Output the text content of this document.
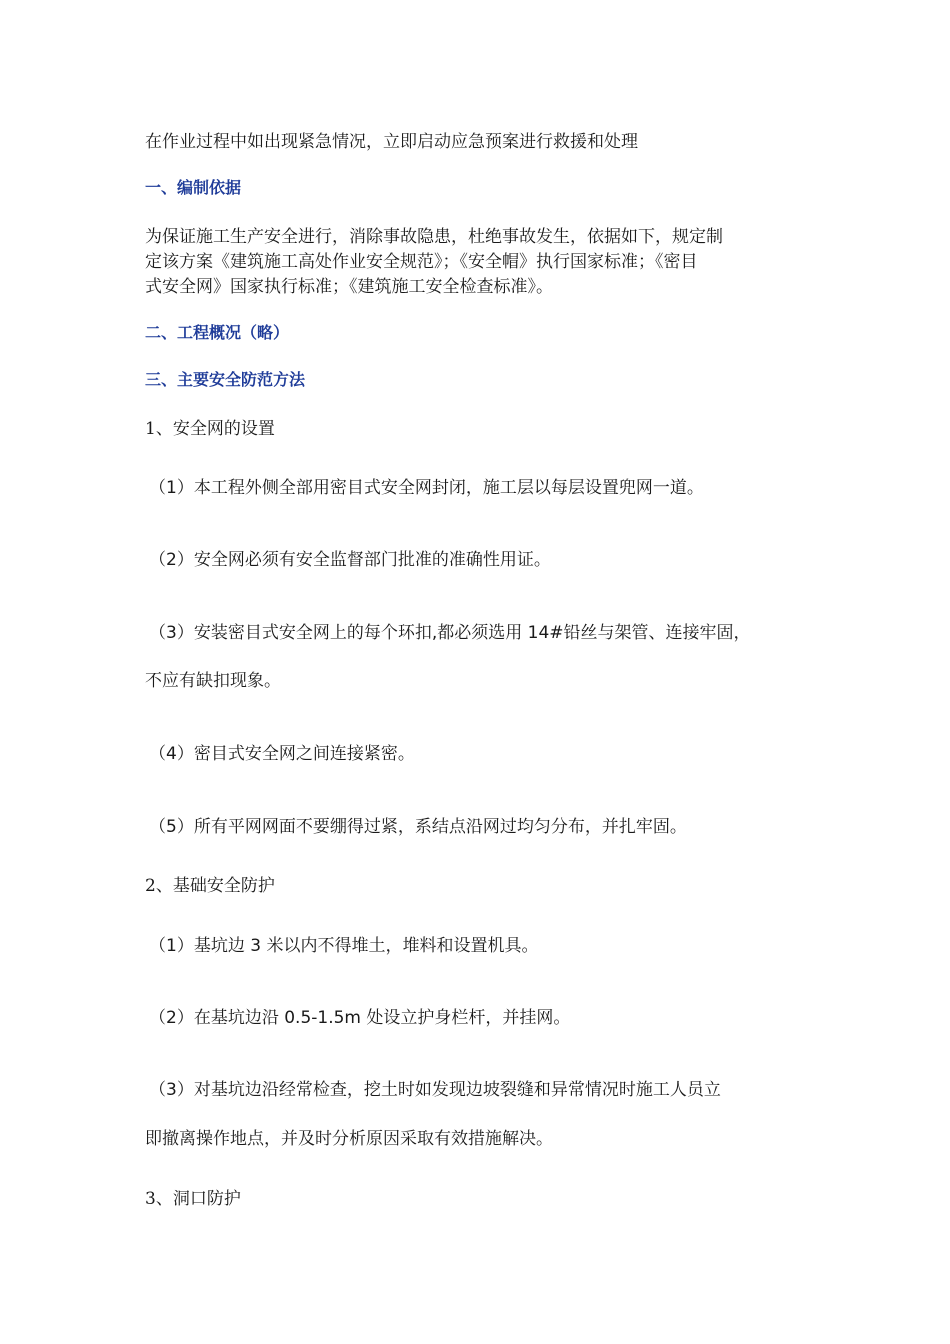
在作业过程中如出现紧急情况，立即启动应急预案进行救援和处理
一、编制依据
为保证施工生产安全进行，消除事故隐患，杜绝事故发生，依据如下，规定制
定该方案《建筑施工高处作业安全规范》；《安全帽》执行国家标准；《密目
式安全网》国家执行标准；《建筑施工安全检查标准》。
二、工程概况（略）
三、主要安全防范方法
1、安全网的设置
（1）本工程外侧全部用密目式安全网封闭，施工层以每层设置兜网一道。
（2）安全网必须有安全监督部门批准的准确性用证。
（3）安装密目式安全网上的每个环扣,都必须选用 14#铅丝与架管、连接牢固，
不应有缺扣现象。
（4）密目式安全网之间连接紧密。
（5）所有平网网面不要绷得过紧，系结点沿网过均匀分布，并扎牢固。
2、基础安全防护
（1）基坑边 3 米以内不得堆土，堆料和设置机具。
（2）在基坑边沿 0.5-1.5m 处设立护身栏杆，并挂网。
（3）对基坑边沿经常检查，挖土时如发现边坡裂缝和异常情况时施工人员立
即撤离操作地点，并及时分析原因采取有效措施解决。
3、洞口防护
